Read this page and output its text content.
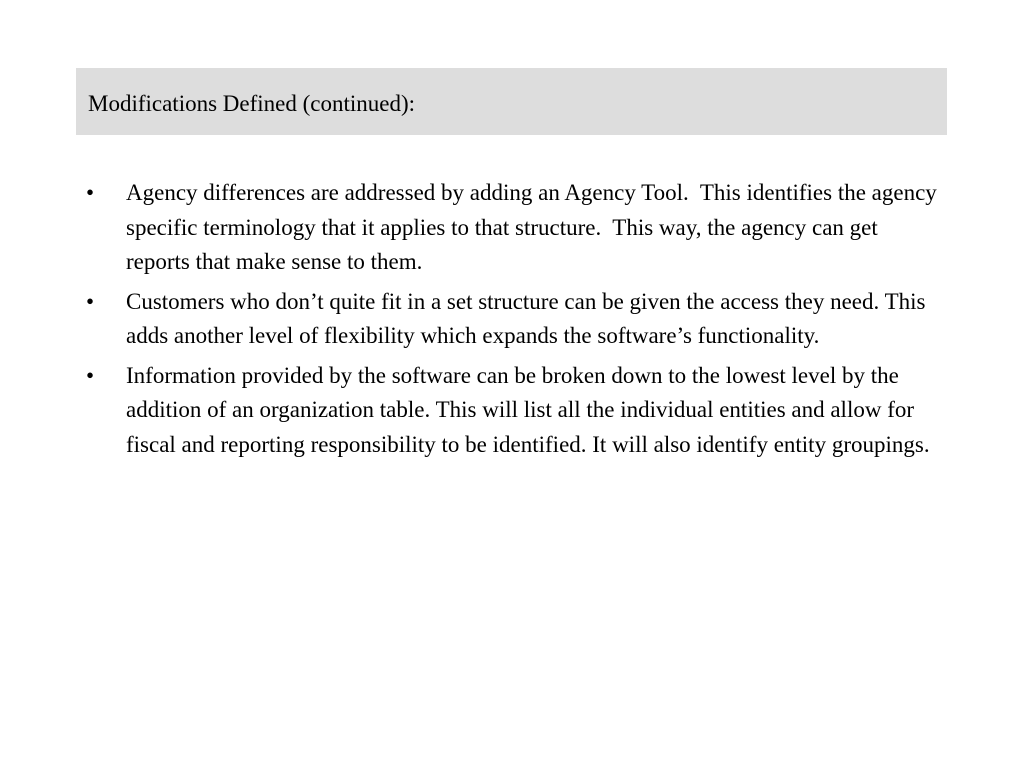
Modifications Defined (continued):
•	Agency differences are addressed by adding an Agency Tool.  This identifies the agency specific terminology that it applies to that structure.  This way, the agency can get reports that make sense to them.
•	Customers who don’t quite fit in a set structure can be given the access they need. This adds another level of flexibility which expands the software’s functionality.
•	Information provided by the software can be broken down to the lowest level by the addition of an organization table. This will list all the individual entities and allow for fiscal and reporting responsibility to be identified. It will also identify entity groupings.
